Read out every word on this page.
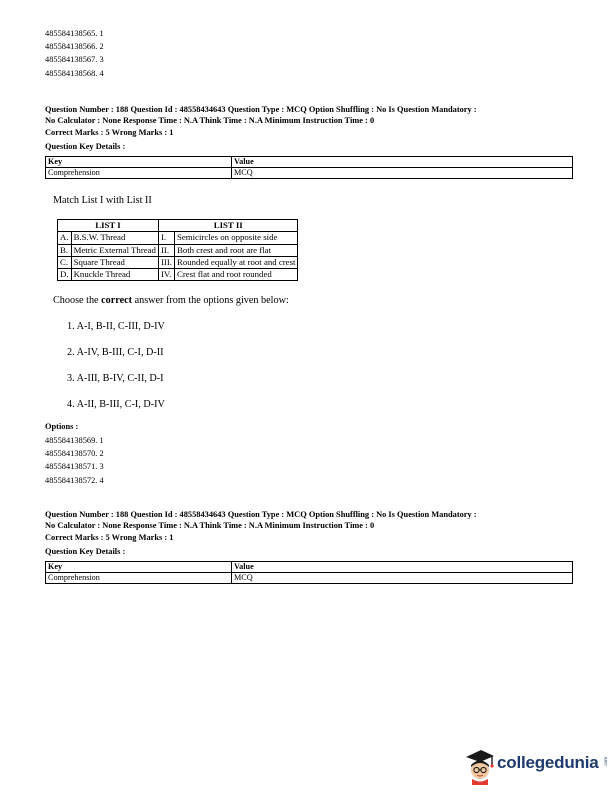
485584138565. 1
485584138566. 2
485584138567. 3
485584138568. 4
Question Number : 188 Question Id : 48558434643 Question Type : MCQ Option Shuffling : No Is Question Mandatory :
No Calculator : None Response Time : N.A Think Time : N.A Minimum Instruction Time : 0
Correct Marks : 5 Wrong Marks : 1
Question Key Details :
Key	Value
Comprehension	MCQ
Match List I with List II
LIST I		LIST II	
A.	B.S.W. Thread	I.	Semicircles on opposite side
B.	Metric External Thread	II.	Both crest and root are flat
C.	Square Thread	III.	Rounded equally at root and crest
D.	Knuckle Thread	IV.	Crest flat and root rounded
Choose the correct answer from the options given below:
1. A-I, B-II, C-III, D-IV
2. A-IV, B-III, C-I, D-II
3. A-III, B-IV, C-II, D-I
4. A-II, B-III, C-I, D-IV
Options :
485584138569. 1
485584138570. 2
485584138571. 3
485584138572. 4
Question Number : 188 Question Id : 48558434643 Question Type : MCQ Option Shuffling : No Is Question Mandatory :
No Calculator : None Response Time : N.A Think Time : N.A Minimum Instruction Time : 0
Correct Marks : 5 Wrong Marks : 1
Question Key Details :
Key	Value
Comprehension	MCQ
collegedunia .com
